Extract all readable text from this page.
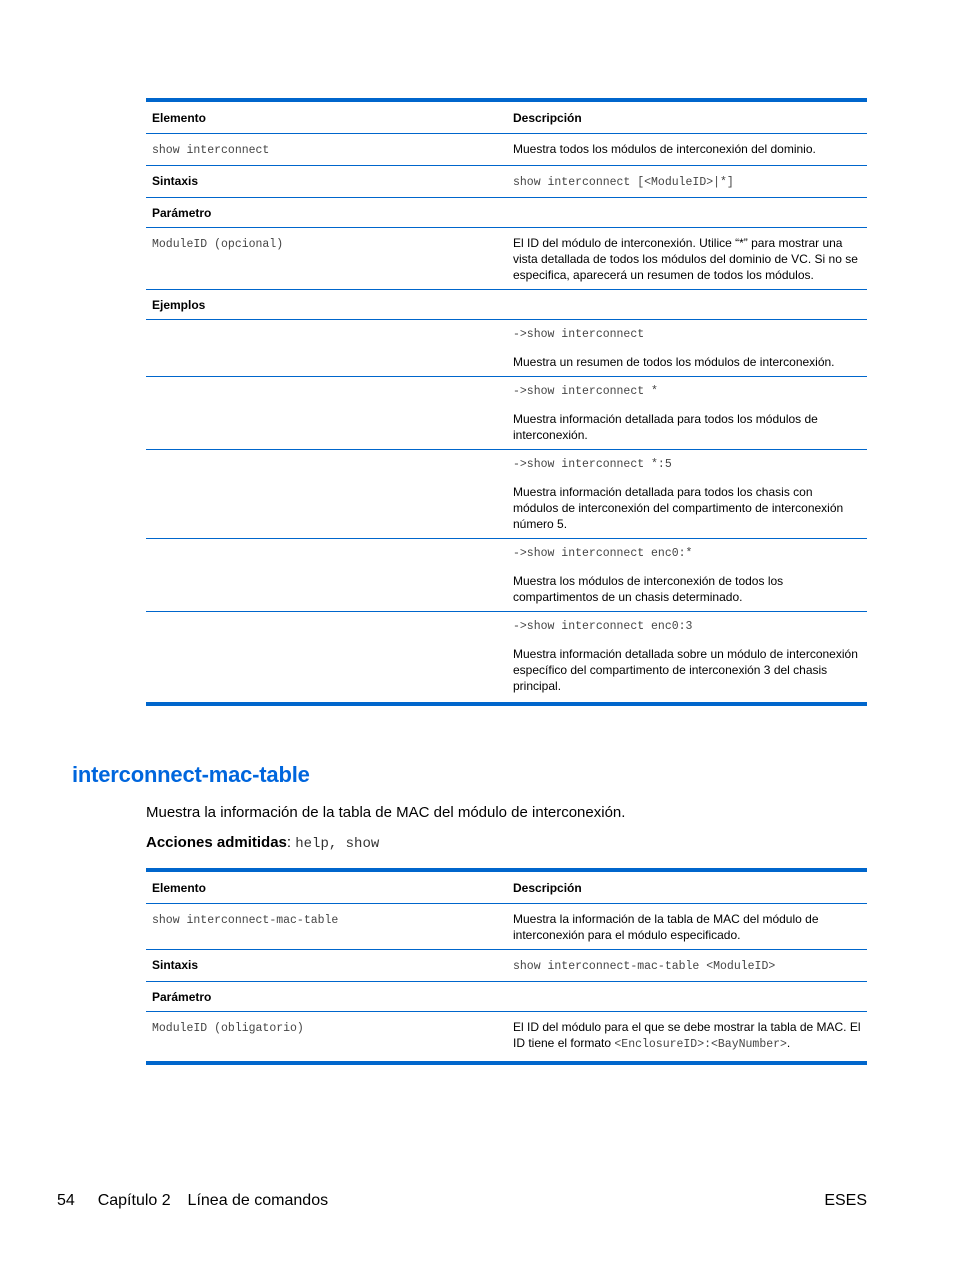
Elemento	Descripción
show interconnect	Muestra todos los módulos de interconexión del dominio.
Sintaxis	show interconnect [<ModuleID>|*]
Parámetro	
ModuleID (opcional)	El ID del módulo de interconexión. Utilice “*” para mostrar una vista detallada de todos los módulos del dominio de VC. Si no se especifica, aparecerá un resumen de todos los módulos.
Ejemplos	

	->show interconnect
Muestra un resumen de todos los módulos de interconexión.

	->show interconnect *
Muestra información detallada para todos los módulos de interconexión.

	->show interconnect *:5
Muestra información detallada para todos los chasis con módulos de interconexión del compartimento de interconexión número 5.

	->show interconnect enc0:*
Muestra los módulos de interconexión de todos los compartimentos de un chasis determinado.

	->show interconnect enc0:3
Muestra información detallada sobre un módulo de interconexión específico del compartimento de interconexión 3 del chasis principal.
interconnect-mac-table

Muestra la información de la tabla de MAC del módulo de interconexión.

Acciones admitidas: help, show

Elemento	Descripción
show interconnect-mac-table	Muestra la información de la tabla de MAC del módulo de interconexión para el módulo especificado.
Sintaxis	show interconnect-mac-table <ModuleID>
Parámetro	
ModuleID (obligatorio)	El ID del módulo para el que se debe mostrar la tabla de MAC. El ID tiene el formato <EnclosureID>:<BayNumber>.
54 Capítulo 2 Línea de comandos	ESES
